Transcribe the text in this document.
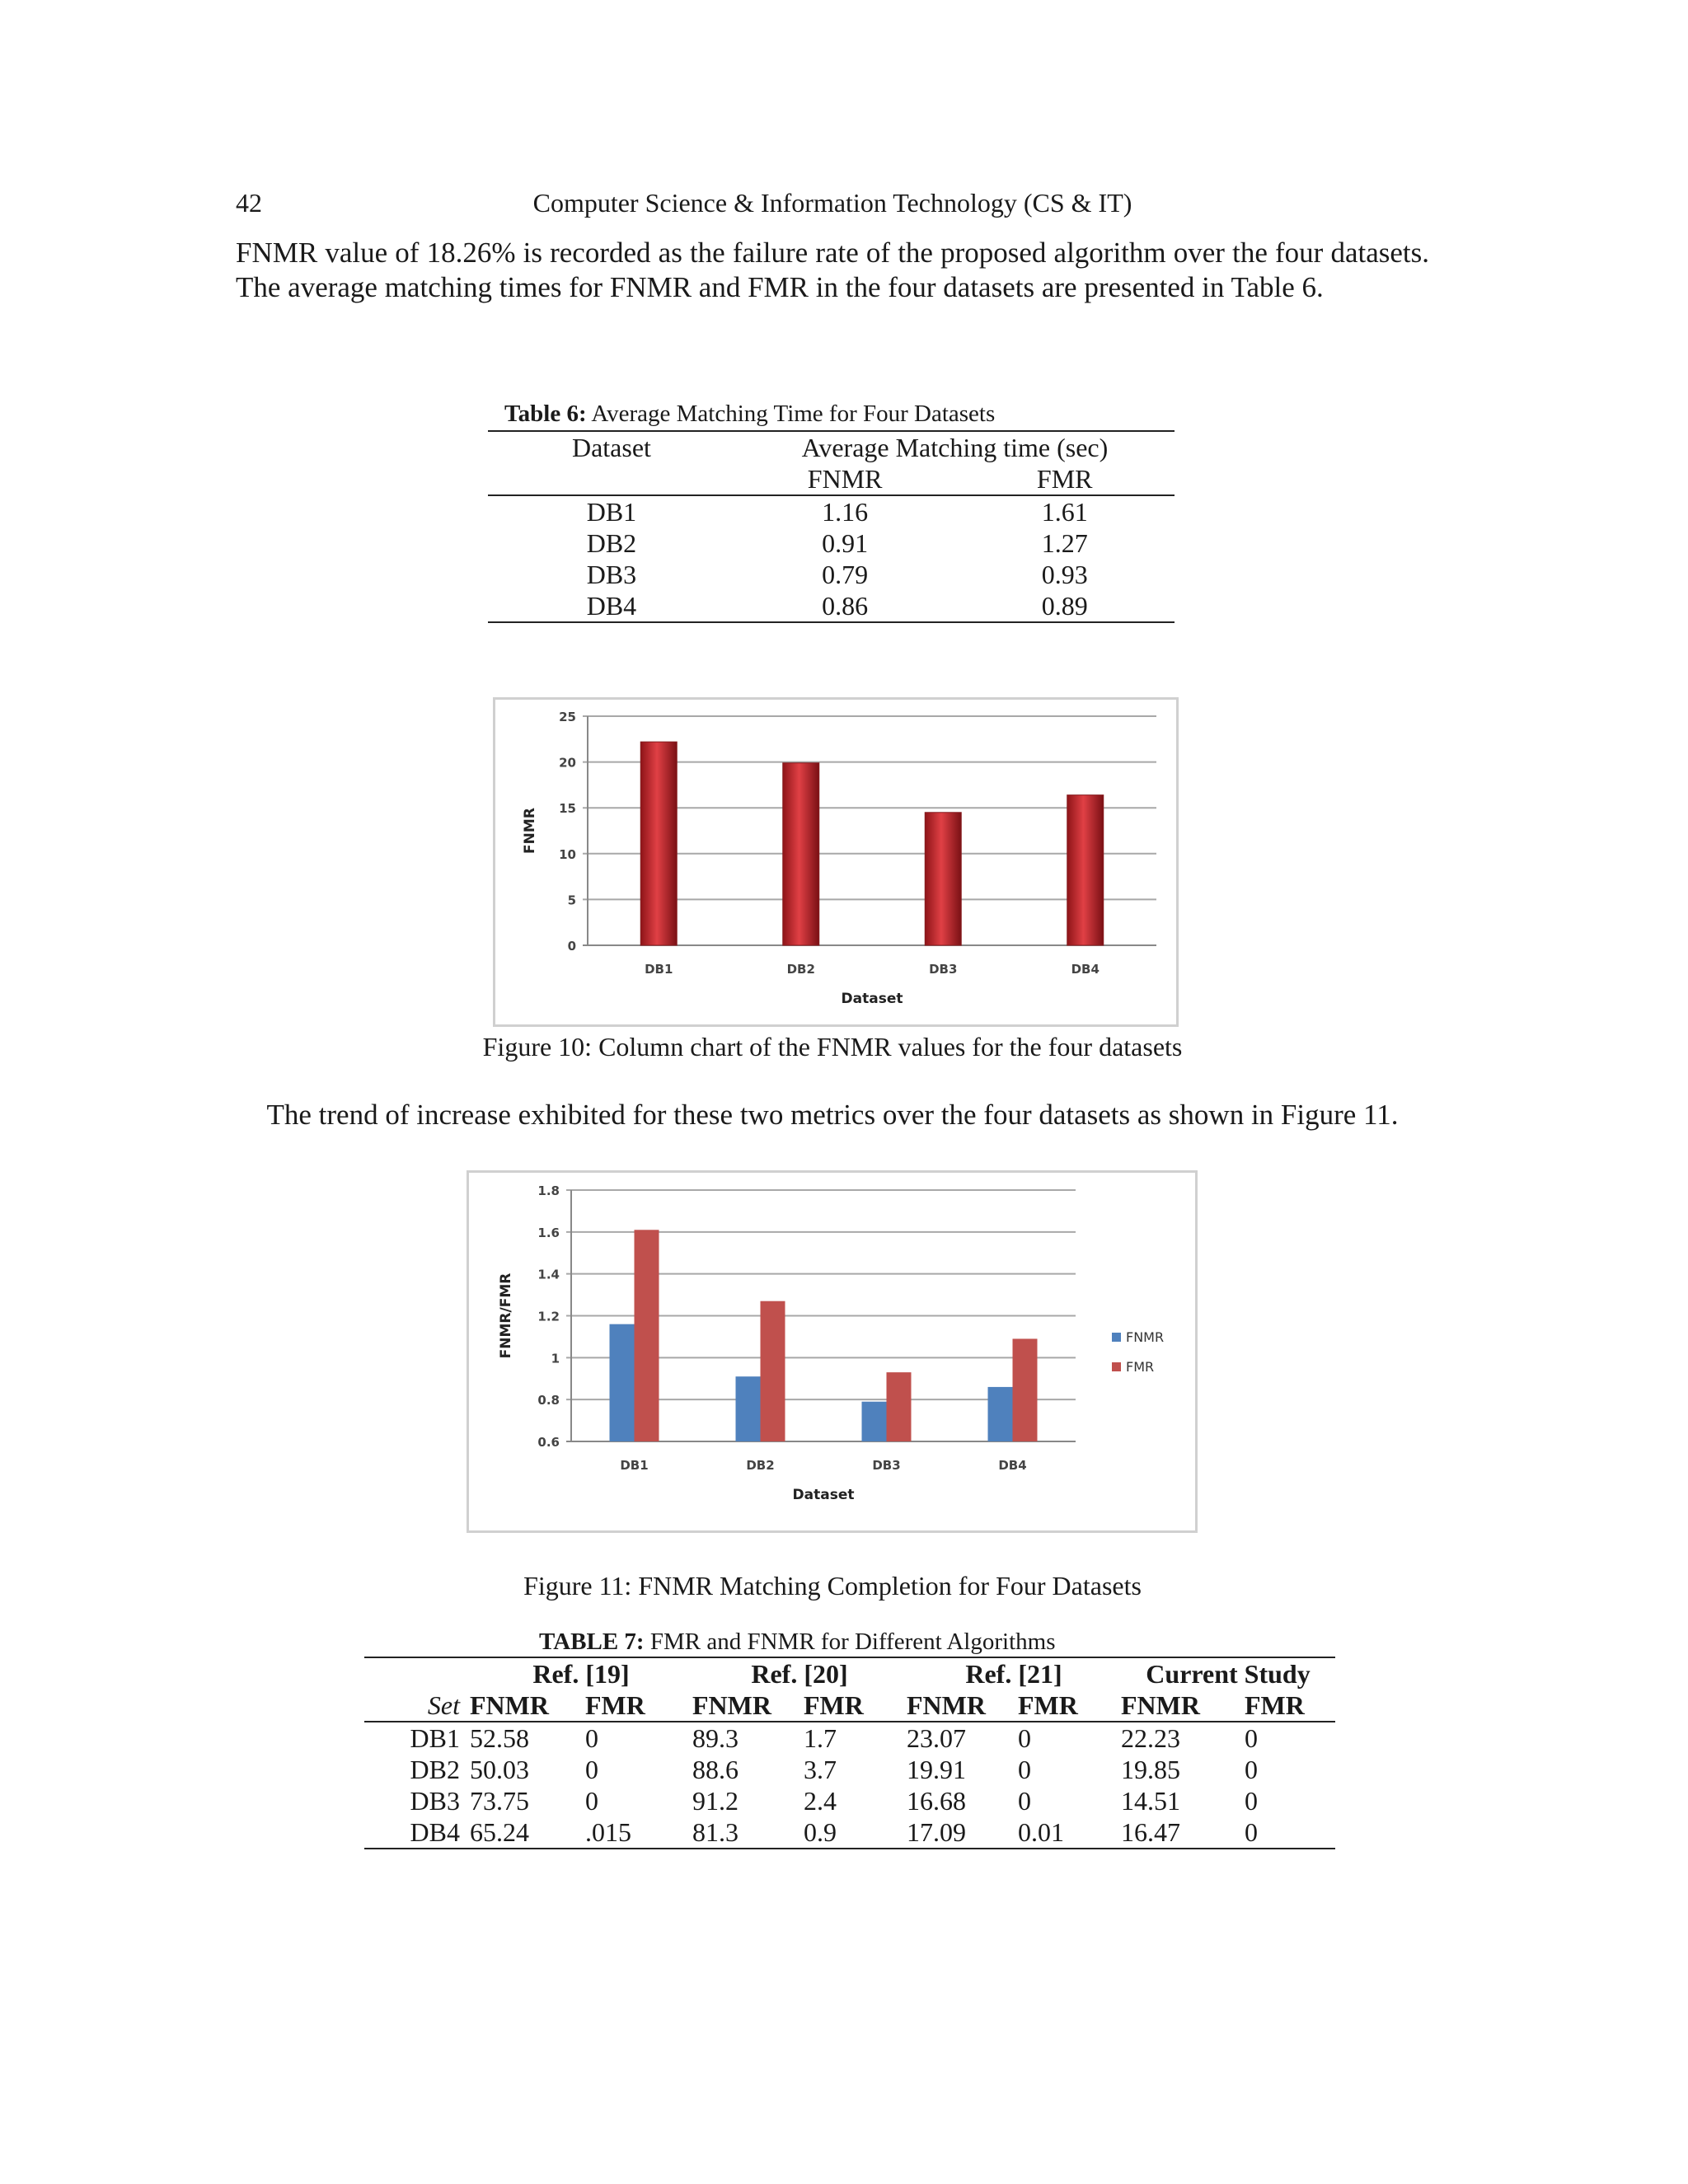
42	Computer Science & Information Technology (CS & IT)

FNMR value of 18.26% is recorded as the failure rate of the proposed algorithm over the four datasets. The average matching times for FNMR and FMR in the four datasets are presented in Table 6.

Table 6: Average Matching Time for Four Datasets
Dataset	Average Matching time (sec)	
	FNMR	FMR
DB1	1.16	1.61
DB2	0.91	1.27
DB3	0.79	0.93
DB4	0.86	0.89
0
5
10
15
20
25
DB1	DB2	DB3	DB4
Dataset
FNMR
Figure 10: Column chart of the FNMR values for the four datasets

The trend of increase exhibited for these two metrics over the four datasets as shown in Figure 11.

0.6
0.8
1
1.2
1.4
1.6
1.8
DB1	DB2	DB3	DB4
Dataset
FNMR/FMR	FNMR
FMR
Figure 11: FNMR Matching Completion for Four Datasets
TABLE 7: FMR and FNMR for Different Algorithms
	Ref. [19]		Ref. [20]		Ref. [21]		Current Study	
Set	FNMR	FMR	FNMR	FMR	FNMR	FMR	FNMR	FMR
DB1	52.58	0	89.3	1.7	23.07	0	22.23	0
DB2	50.03	0	88.6	3.7	19.91	0	19.85	0
DB3	73.75	0	91.2	2.4	16.68	0	14.51	0
DB4	65.24	.015	81.3	0.9	17.09	0.01	16.47	0
